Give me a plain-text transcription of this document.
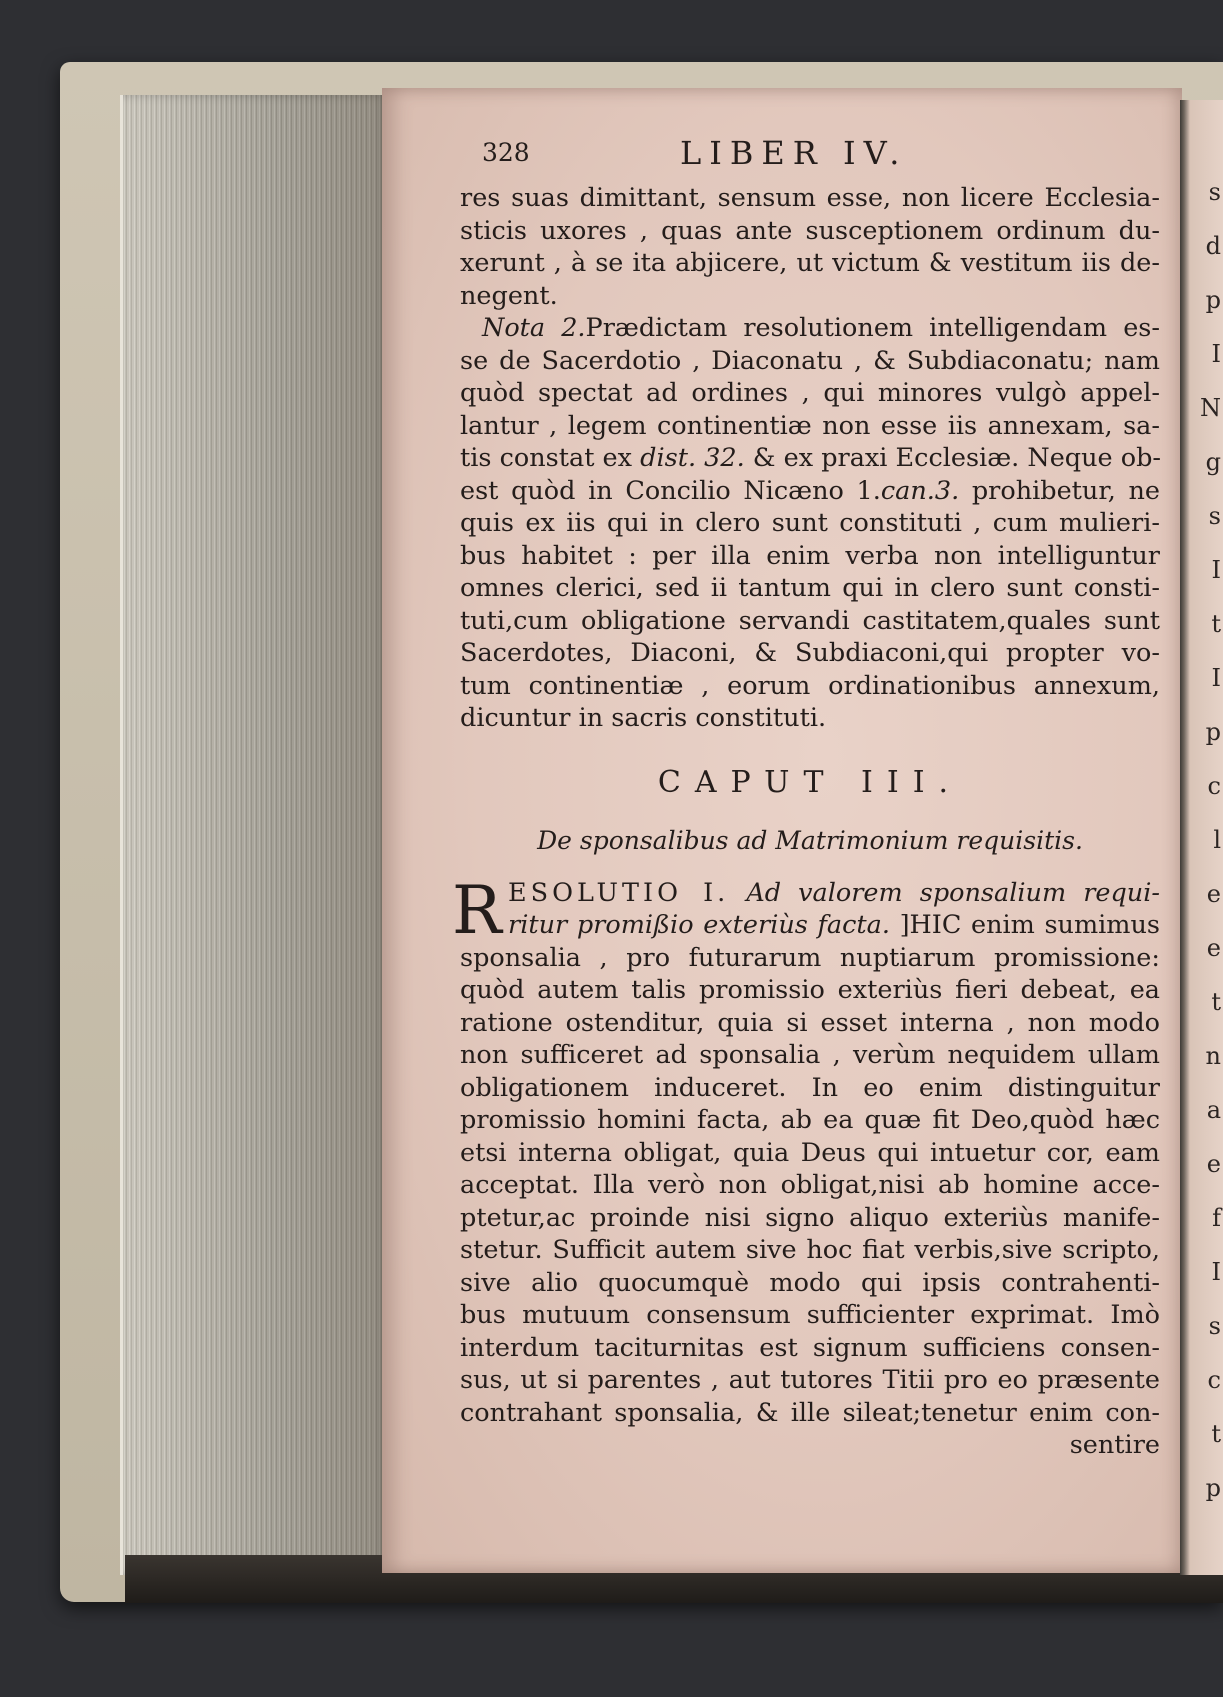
s
d
p
I
N
g
s
I
t
I
p
c
l
e
e
t
n
a
e
f
I
s
c
t
p
328	LIBER IV.
res suas dimittant, sensum esse, non licere Ecclesia-
sticis uxores , quas ante susceptionem ordinum du-
xerunt , à se ita abjicere, ut victum & vestitum iis de-
negent.
Nota 2.Prædictam resolutionem intelligendam es-
se de Sacerdotio , Diaconatu , & Subdiaconatu; nam
quòd spectat ad ordines , qui minores vulgò appel-
lantur , legem continentiæ non esse iis annexam, sa-
tis constat ex dist. 32. & ex praxi Ecclesiæ. Neque ob-
est quòd in Concilio Nicæno 1.can.3. prohibetur, ne
quis ex iis qui in clero sunt constituti , cum mulieri-
bus habitet : per illa enim verba non intelliguntur
omnes clerici, sed ii tantum qui in clero sunt consti-
tuti,cum obligatione servandi castitatem,quales sunt
Sacerdotes, Diaconi, & Subdiaconi,qui propter vo-
tum continentiæ , eorum ordinationibus annexum,
dicuntur in sacris constituti.
CAPUT III.
De sponsalibus ad Matrimonium requisitis.
R ESOLUTIO I. Ad valorem sponsalium requi-
ritur promißio exteriùs facta. ]HIC enim sumimus
sponsalia , pro futurarum nuptiarum promissione:
quòd autem talis promissio exteriùs fieri debeat, ea
ratione ostenditur, quia si esset interna , non modo
non sufficeret ad sponsalia , verùm nequidem ullam
obligationem induceret. In eo enim distinguitur
promissio homini facta, ab ea quæ fit Deo,quòd hæc
etsi interna obligat, quia Deus qui intuetur cor, eam
acceptat. Illa verò non obligat,nisi ab homine acce-
ptetur,ac proinde nisi signo aliquo exteriùs manife-
stetur. Sufficit autem sive hoc fiat verbis,sive scripto,
sive alio quocumquè modo qui ipsis contrahenti-
bus mutuum consensum sufficienter exprimat. Imò
interdum taciturnitas est signum sufficiens consen-
sus, ut si parentes , aut tutores Titii pro eo præsente
contrahant sponsalia, & ille sileat;tenetur enim con-
sentire
